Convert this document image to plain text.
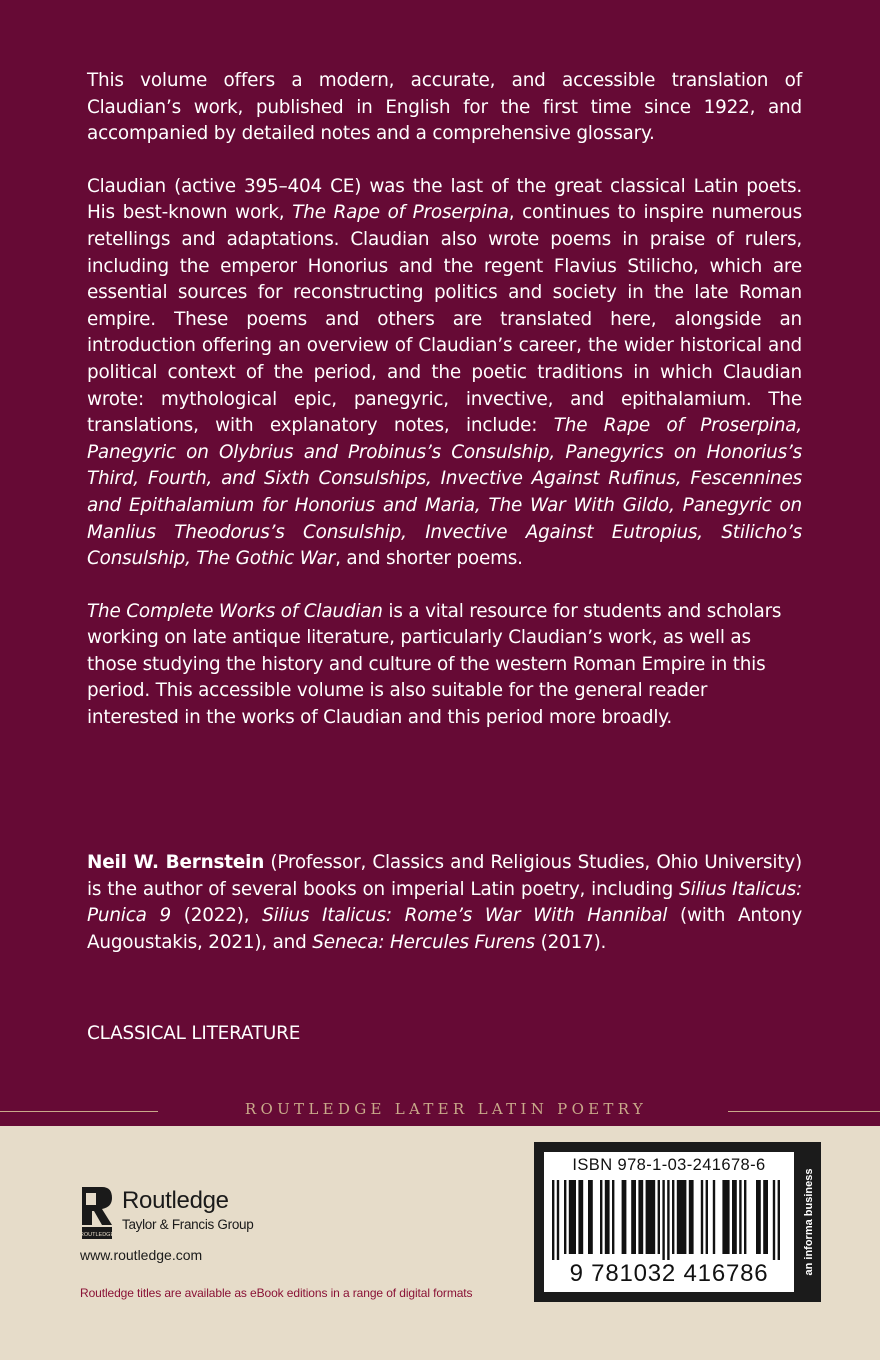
This volume offers a modern, accurate, and accessible translation of Claudian’s work, published in English for the first time since 1922, and accompanied by detailed notes and a comprehensive glossary.

Claudian (active 395–404 CE) was the last of the great classical Latin poets. His best-known work, The Rape of Proserpina, continues to inspire numerous retellings and adaptations. Claudian also wrote poems in praise of rulers, including the emperor Honorius and the regent Flavius Stilicho, which are essential sources for reconstructing politics and society in the late Roman empire. These poems and others are translated here, alongside an introduction offering an overview of Claudian’s career, the wider historical and political context of the period, and the poetic traditions in which Claudian wrote: mythological epic, panegyric, invective, and epithalamium. The translations, with explanatory notes, include: The Rape of Proserpina, Panegyric on Olybrius and Probinus’s Consulship, Panegyrics on Honorius’s Third, Fourth, and Sixth Consulships, Invective Against Rufinus, Fescennines and Epithalamium for Honorius and Maria, The War With Gildo, Panegyric on Manlius Theodorus’s Consulship, Invective Against Eutropius, Stilicho’s Consulship, The Gothic War, and shorter poems.

The Complete Works of Claudian is a vital resource for students and scholars working on late antique literature, particularly Claudian’s work, as well as those studying the history and culture of the western Roman Empire in this period. This accessible volume is also suitable for the general reader interested in the works of Claudian and this period more broadly.

Neil W. Bernstein (Professor, Classics and Religious Studies, Ohio University) is the author of several books on imperial Latin poetry, including Silius Italicus: Punica 9 (2022), Silius Italicus: Rome’s War With Hannibal (with Antony Augoustakis, 2021), and Seneca: Hercules Furens (2017).

CLASSICAL LITERATURE
ROUTLEDGE LATER LATIN POETRY
ROUTLEDGE
Routledge
Taylor & Francis Group
www.routledge.com
Routledge titles are available as eBook editions in a range of digital formats
ISBN 978-1-03-241678-6
9 781032 416786	an informa business
